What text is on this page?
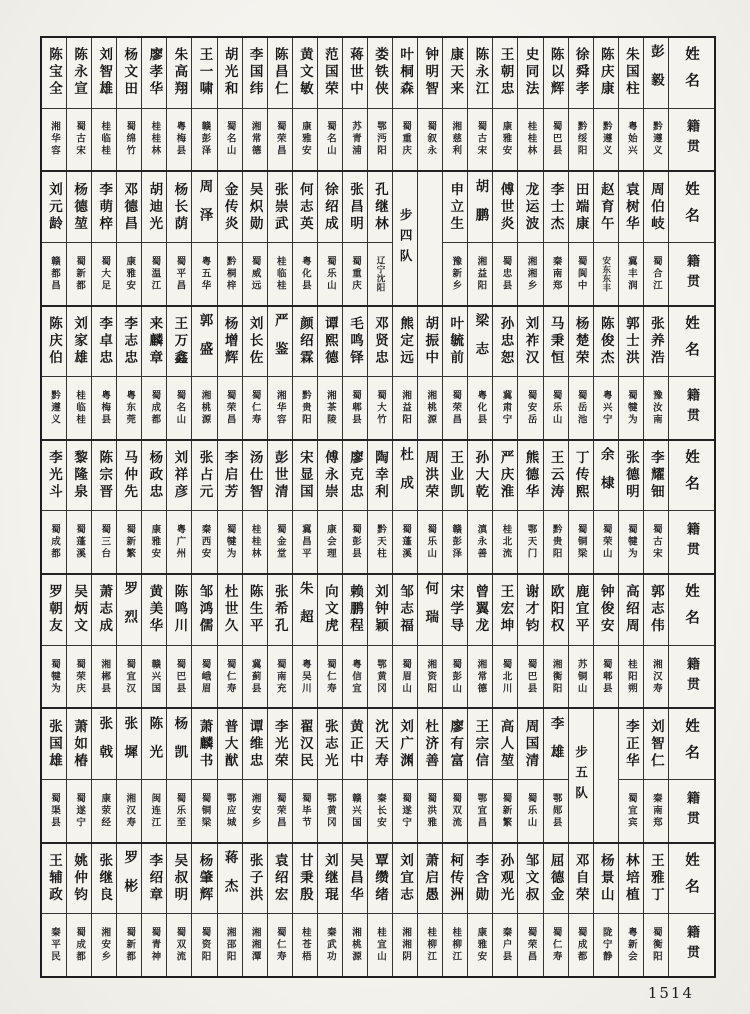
陈宝全
湘华容
陈永宣
蜀古宋
刘智雄
桂临桂
杨文田
蜀绵竹
廖孝华
桂桂林
朱高翔
粤梅县
王一啸
赣彭泽
胡光和
蜀名山
李国纬
湘常德
陈昌仁
蜀荣昌
黄文敏
康雅安
范国荣
蜀名山
蒋世中
苏青浦
娄铁侠
鄂沔阳
叶桐森
蜀重庆
钟明智
蜀叙永
康天来
湘慈利
陈永江
蜀古宋
王朝忠
康雅安
史同法
桂桂林
陈以辉
蜀巴县
徐舜孝
黔绥阳
陈庆康
黔遵义
朱国柱
粤始兴
彭毅
黔遵义
姓名
籍贯
刘元龄
赣都昌
杨德堃
蜀新都
李萌梓
蜀大足
邓德昌
康雅安
胡迪光
蜀温江
杨长荫
蜀平昌
周泽
粤五华
金传炎
黔桐梓
吴炽勋
蜀威远
张崇武
桂临桂
何志英
粤化县
徐绍成
蜀乐山
张昌明
蜀重庆
孔继林
辽宁沈阳
步四队
申立生
豫新乡
胡鹏
湘益阳
傅世炎
蜀忠县
龙运波
湘湘乡
李士杰
秦南郑
田端康
蜀阆中
赵育午
安东东丰
袁树华
冀丰润
周伯岐
蜀合江
姓名
籍贯
陈庆伯
黔遵义
刘家雄
桂临桂
李卓忠
粤梅县
李志忠
粤东莞
来麟章
蜀成都
王万鑫
蜀名山
郭盛
湘桃源
杨增辉
蜀荣昌
刘长佐
蜀仁寿
严鉴
湘华容
颜绍霖
黔贵阳
谭熙德
湘茶陵
毛鸣铎
蜀郫县
邓贤忠
蜀大竹
熊定远
湘益阳
胡振中
湘桃源
叶毓前
蜀荣昌
梁志
粤化县
孙忠恕
冀肃宁
刘祚汉
蜀安岳
马秉恒
蜀乐山
杨楚荣
蜀岳池
陈俊杰
粤兴宁
郭士洪
蜀犍为
张养浩
豫汝南
姓名
籍贯
李光斗
蜀成都
黎隆泉
蜀蓬溪
陈宗晋
蜀三台
马仲先
蜀新繁
杨政忠
康雅安
刘祥彦
粤广州
张占元
秦西安
李启芳
蜀犍为
汤仕智
桂桂林
彭世清
蜀金堂
宋显国
冀昌平
傅永崇
康会理
廖克忠
蜀彭县
陶幸利
黔天柱
杜成
蜀蓬溪
周洪荣
蜀乐山
王业凯
赣彭泽
孙大乾
滇永善
严庆淮
桂北流
熊德华
鄂天门
王云涛
黔贵阳
丁传熙
蜀铜梁
余棣
蜀荣山
张德明
蜀犍为
李耀钿
蜀古宋
姓名
籍贯
罗朝友
蜀犍为
吴炳文
蜀荣庆
萧志成
湘郴县
罗烈
蜀宜汉
黄美华
赣兴国
陈鸣川
蜀巴县
邹鸿儒
蜀峨眉
杜世久
蜀仁寿
陈生平
冀蓟县
张希孔
蜀南充
朱超
粤吴川
向文虎
蜀仁寿
赖鹏程
粤信宜
刘钟颖
鄂黄冈
邹志福
蜀眉山
何瑞
湘资阳
宋学导
蜀彭山
曾翼龙
湘常德
王宏坤
蜀北川
谢才钧
蜀巴县
欧阳权
湘衡阳
鹿宜平
苏铜山
钟俊安
蜀郫县
高绍周
桂阳朔
郭志伟
湘汉寿
姓名
籍贯
张国雄
蜀渠县
萧如椿
蜀遂宁
张戟
康荥经
张墀
湘汉寿
陈光
闽连江
杨凯
蜀乐至
萧麟书
蜀铜梁
普大猷
鄂应城
谭维忠
湘安乡
李光荣
蜀荣昌
翟汉民
蜀毕节
张志光
鄂黄冈
黄正中
赣兴国
沈天寿
秦长安
刘广渊
蜀遂宁
杜济善
蜀洪雅
廖有富
蜀双流
王宗信
鄂宜昌
高人堃
蜀新繁
周国清
蜀乐山
李雄
鄂郧县
步五队
李正华
蜀宜宾
刘智仁
秦南郑
姓名
籍贯
王辅政
秦平民
姚仲钧
蜀成都
张继良
湘安乡
罗彬
蜀新都
李绍章
蜀青神
吴叔明
蜀双流
杨肇辉
蜀资阳
蒋杰
湘邵阳
张子洪
湘湘潭
袁绍宏
蜀仁寿
甘秉殷
桂苍梧
刘继琨
秦武功
吴昌华
湘桃源
覃缵绪
桂宜山
刘宜志
湘湘阴
萧启愚
桂柳江
柯传洲
桂柳江
李含勋
康雅安
孙观光
秦户县
邹文叔
蜀荣昌
屈德金
蜀仁寿
邓自荣
蜀成都
杨景山
陇宁静
林培植
粤新会
王雅丁
蜀衡阳
姓名
籍贯
1514
